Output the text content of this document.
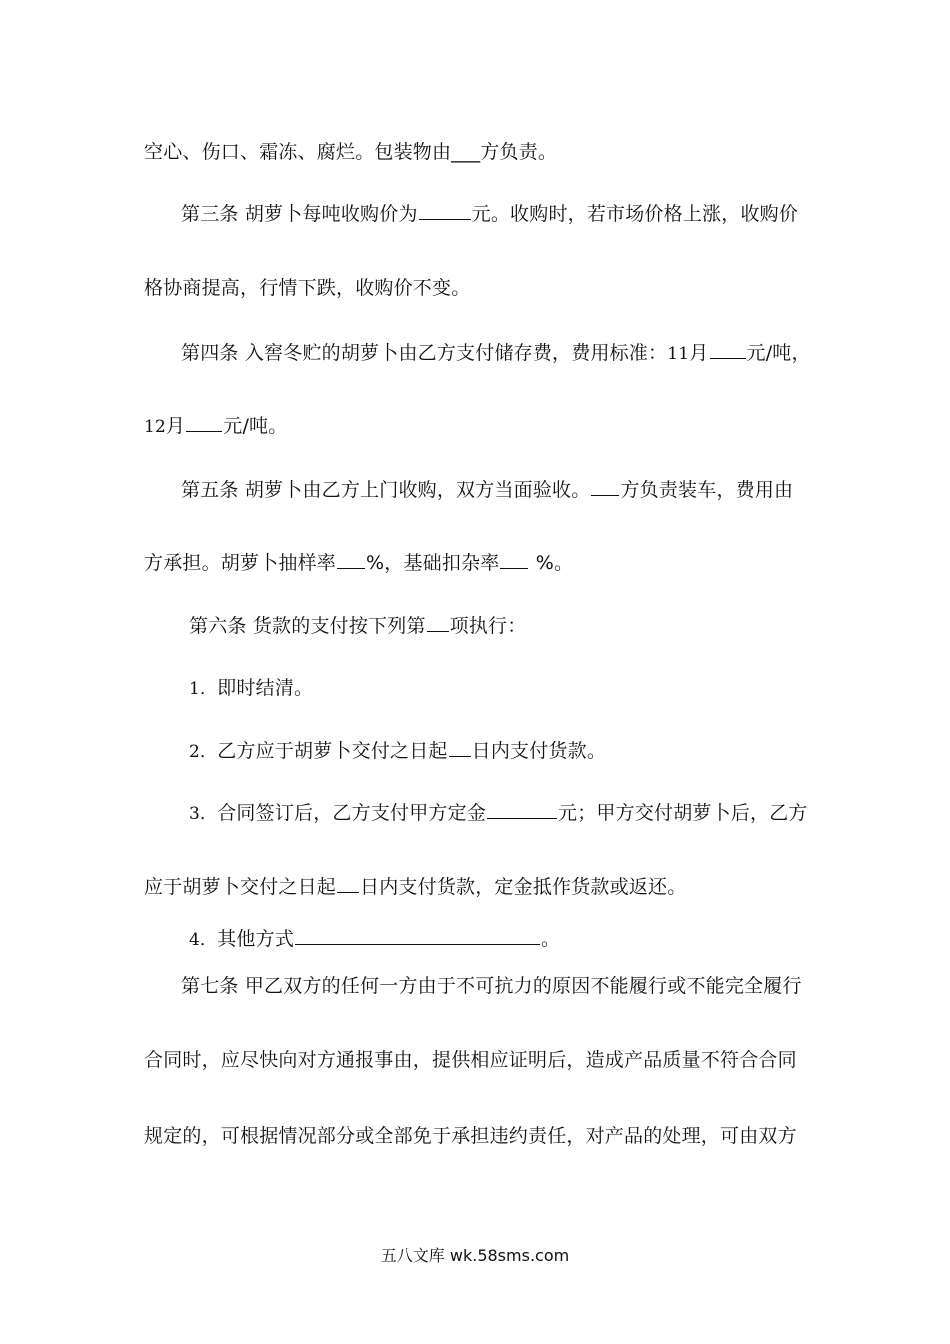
空心、伤口、霜冻、腐烂。包装物由___方负责。
第三条 胡萝卜每吨收购价为	元。收购时，若市场价格上涨，收购价
格协商提高，行情下跌，收购价不变。
第四条 入窖冬贮的胡萝卜由乙方支付储存费，费用标准：11月 元/吨，
12月 元/吨。
第五条 胡萝卜由乙方上门收购，双方当面验收。 方负责装车，费用由
方承担。胡萝卜抽样率 %，基础扣杂率 %。
第六条 货款的支付按下列第 项执行：
1．即时结清。
2．乙方应于胡萝卜交付之日起 日内支付货款。
3．合同签订后，乙方支付甲方定金	元；甲方交付胡萝卜后，乙方
应于胡萝卜交付之日起 日内支付货款，定金抵作货款或返还。
4．其他方式	。
第七条 甲乙双方的任何一方由于不可抗力的原因不能履行或不能完全履行
合同时，应尽快向对方通报事由，提供相应证明后，造成产品质量不符合合同
规定的，可根据情况部分或全部免于承担违约责任，对产品的处理，可由双方
五八文库 wk.58sms.com
